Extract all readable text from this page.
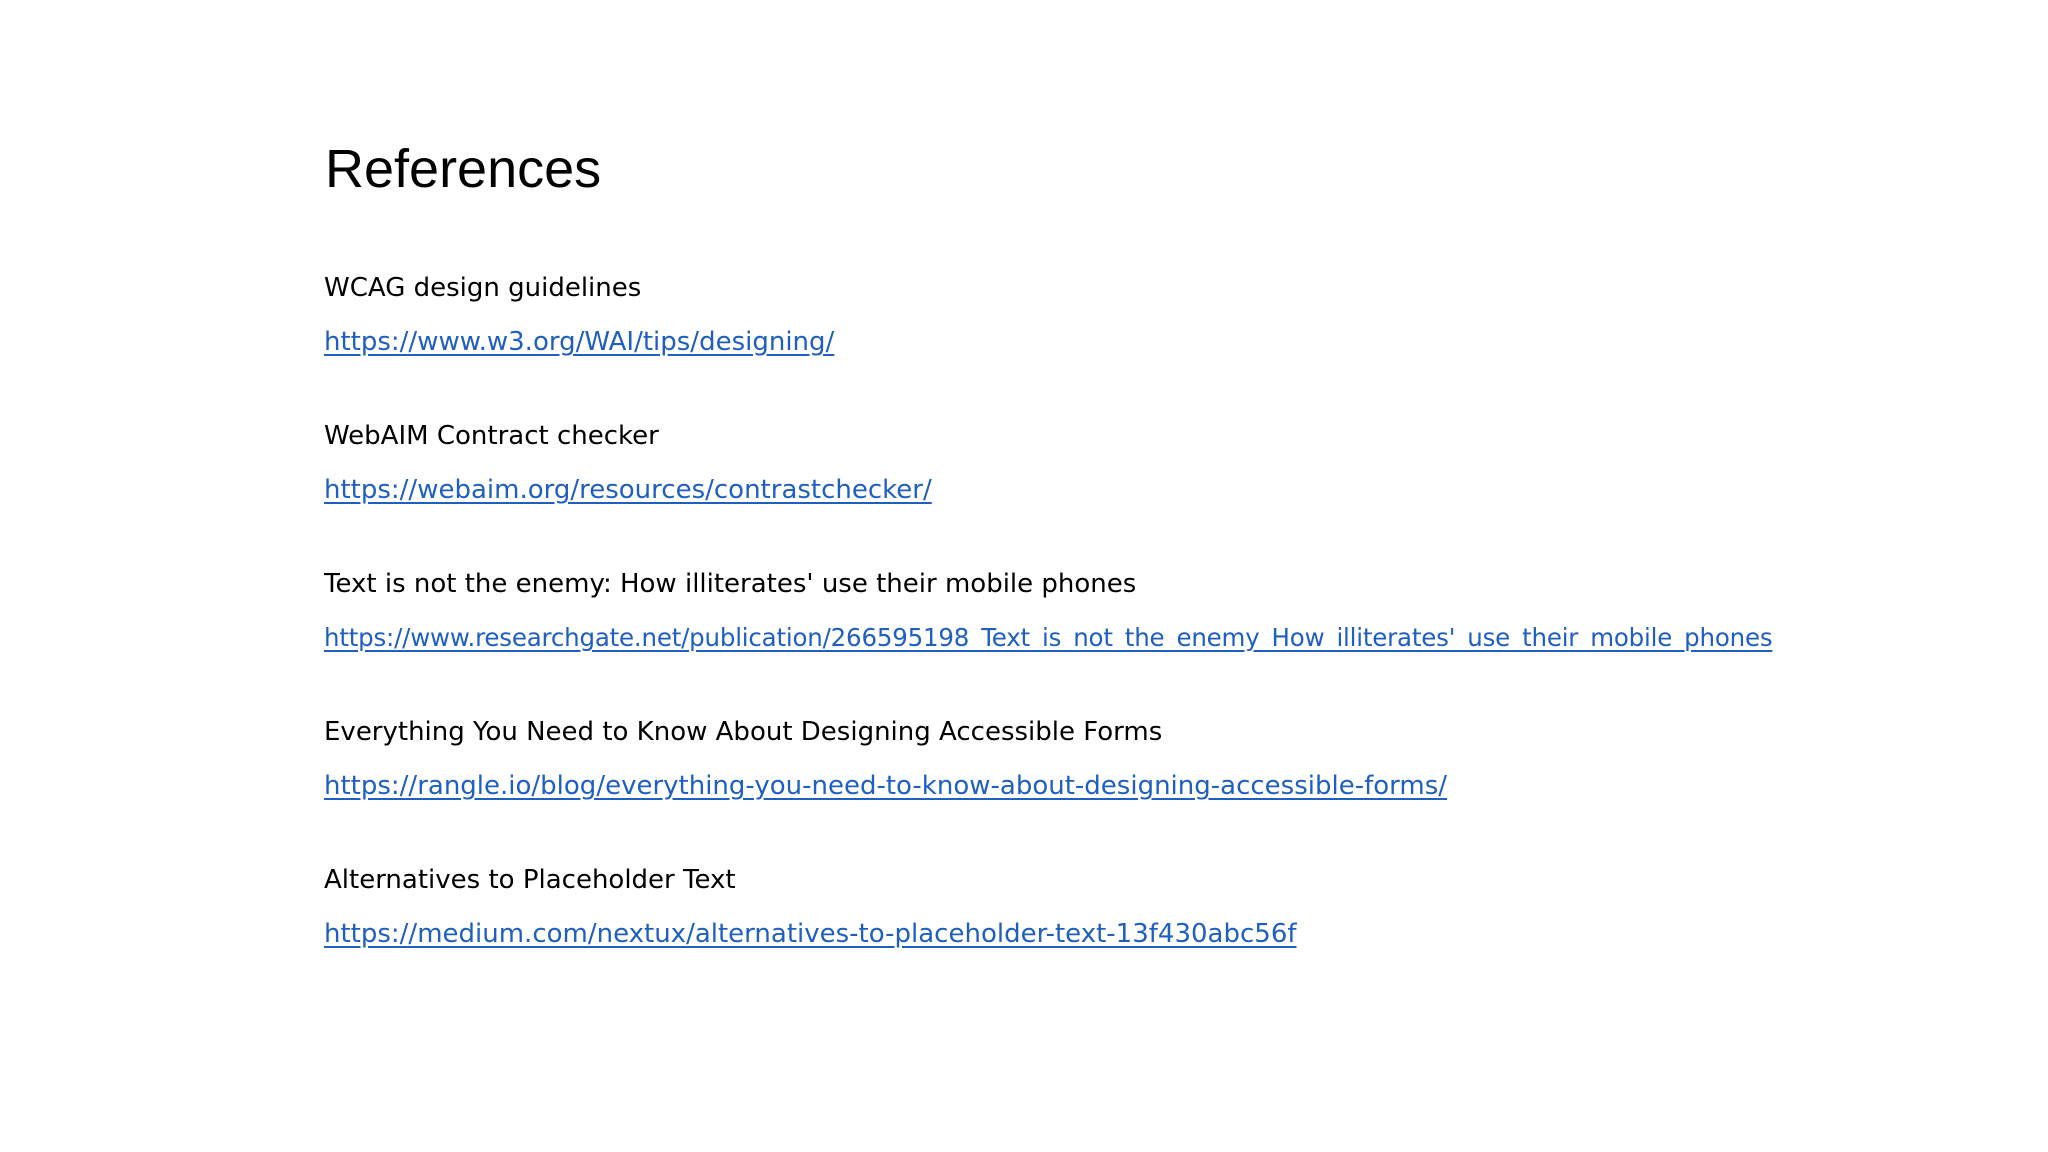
References
WCAG design guidelines
https://www.w3.org/WAI/tips/designing/
WebAIM Contract checker
https://webaim.org/resources/contrastchecker/
Text is not the enemy: How illiterates' use their mobile phones
https://www.researchgate.net/publication/266595198_Text_is_not_the_enemy_How_illiterates'_use_their_mobile_phones
Everything You Need to Know About Designing Accessible Forms
https://rangle.io/blog/everything-you-need-to-know-about-designing-accessible-forms/
Alternatives to Placeholder Text
https://medium.com/nextux/alternatives-to-placeholder-text-13f430abc56f
